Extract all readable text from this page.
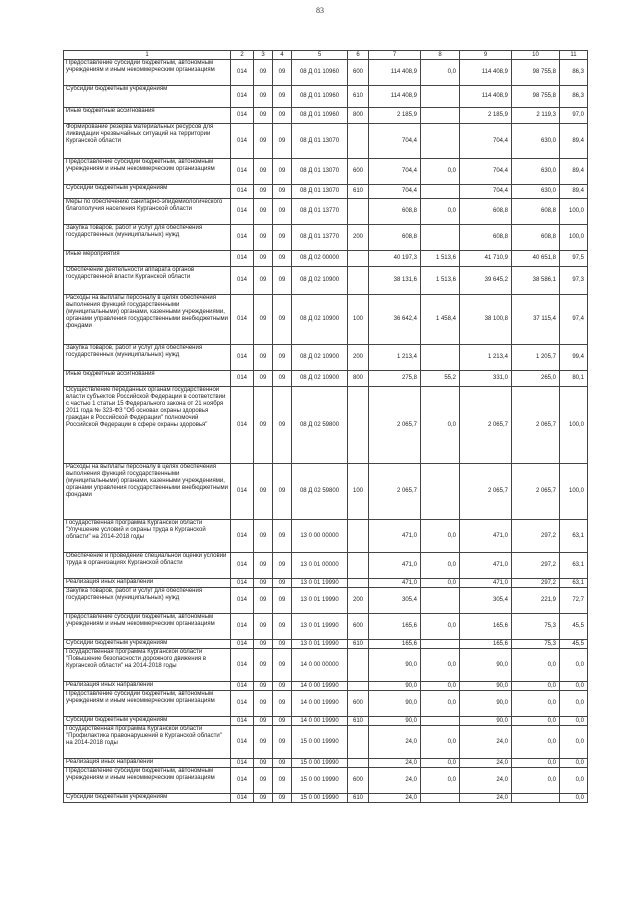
83
1	2	3	4	5	6	7	8	9	10	11
Предоставление субсидий бюджетным, автономным учреждениям и иным некоммерческим организациям	014	09	09	08 Д 01 10960	600	114 408,9	0,0	114 408,9	98 755,8	86,3
Субсидии бюджетным учреждениям	014	09	09	08 Д 01 10960	610	114 408,9		114 408,9	98 755,8	86,3
Иные бюджетные ассигнования	014	09	09	08 Д 01 10960	800	2 185,9		2 185,9	2 119,3	97,0
Формирование резерва материальных ресурсов для ликвидации чрезвычайных ситуаций на территории Курганской области	014	09	09	08 Д 01 13070		704,4		704,4	630,0	89,4
Предоставление субсидий бюджетным, автономным учреждениям и иным некоммерческим организациям	014	09	09	08 Д 01 13070	600	704,4	0,0	704,4	630,0	89,4
Субсидии бюджетным учреждениям	014	09	09	08 Д 01 13070	610	704,4		704,4	630,0	89,4
Меры по обеспечению санитарно-эпидемиологического благополучия населения Курганской области	014	09	09	08 Д 01 13770		608,8	0,0	608,8	608,8	100,0
Закупка товаров, работ и услуг для обеспечения государственных (муниципальных) нужд	014	09	09	08 Д 01 13770	200	608,8		608,8	608,8	100,0
Иные мероприятия	014	09	09	08 Д 02 00000		40 197,3	1 513,6	41 710,9	40 651,8	97,5
Обеспечение деятельности аппарата органов государственной власти Курганской области	014	09	09	08 Д 02 10900		38 131,6	1 513,6	39 645,2	38 586,1	97,3
Расходы на выплаты персоналу в целях обеспечения выполнения функций государственными (муниципальными) органами, казенными учреждениями, органами управления государственными внебюджетными фондами	014	09	09	08 Д 02 10900	100	36 642,4	1 458,4	38 100,8	37 115,4	97,4
Закупка товаров, работ и услуг для обеспечения государственных (муниципальных) нужд	014	09	09	08 Д 02 10900	200	1 213,4		1 213,4	1 205,7	99,4
Иные бюджетные ассигнования	014	09	09	08 Д 02 10900	800	275,8	55,2	331,0	265,0	80,1
Осуществление переданных органам государственной власти субъектов Российской Федерации в соответствии с частью 1 статьи 15 Федерального закона от 21 ноября 2011 года № 323-ФЗ "Об основах охраны здоровья граждан в Российской Федерации" полномочий Российской Федерации в сфере охраны здоровья"	014	09	09	08 Д 02 59800		2 065,7	0,0	2 065,7	2 065,7	100,0
Расходы на выплаты персоналу в целях обеспечения выполнения функций государственными (муниципальными) органами, казенными учреждениями, органами управления государственными внебюджетными фондами	014	09	09	08 Д 02 59800	100	2 065,7		2 065,7	2 065,7	100,0
Государственная программа Курганской области "Улучшение условий и охраны труда в Курганской области" на 2014-2018 годы	014	09	09	13 0 00 00000		471,0	0,0	471,0	297,2	63,1
Обеспечение и проведение специальной оценки условий труда в организациях Курганской области	014	09	09	13 0 01 00000		471,0	0,0	471,0	297,2	63,1
Реализация иных направлений	014	09	09	13 0 01 19990		471,0	0,0	471,0	297,2	63,1
Закупка товаров, работ и услуг для обеспечения государственных (муниципальных) нужд	014	09	09	13 0 01 19990	200	305,4		305,4	221,9	72,7
Предоставление субсидий бюджетным, автономным учреждениям и иным некоммерческим организациям	014	09	09	13 0 01 19990	600	165,6	0,0	165,6	75,3	45,5
Субсидии бюджетным учреждениям	014	09	09	13 0 01 19990	610	165,6		165,6	75,3	45,5
Государственная программа Курганской области "Повышение безопасности дорожного движения в Курганской области" на 2014-2018 годы	014	09	09	14 0 00 00000		90,0	0,0	90,0	0,0	0,0
Реализация иных направлений	014	09	09	14 0 00 19990		90,0	0,0	90,0	0,0	0,0
Предоставление субсидий бюджетным, автономным учреждениям и иным некоммерческим организациям	014	09	09	14 0 00 19990	600	90,0	0,0	90,0	0,0	0,0
Субсидии бюджетным учреждениям	014	09	09	14 0 00 19990	610	90,0		90,0	0,0	0,0
Государственная программа Курганской области "Профилактика правонарушений в Курганской области" на 2014-2018 годы	014	09	09	15 0 00 19990		24,0	0,0	24,0	0,0	0,0
Реализация иных направлений	014	09	09	15 0 00 19990		24,0	0,0	24,0	0,0	0,0
Предоставление субсидий бюджетным, автономным учреждениям и иным некоммерческим организациям	014	09	09	15 0 00 19990	600	24,0	0,0	24,0	0,0	0,0
Субсидии бюджетным учреждениям	014	09	09	15 0 00 19990	610	24,0		24,0		0,0
